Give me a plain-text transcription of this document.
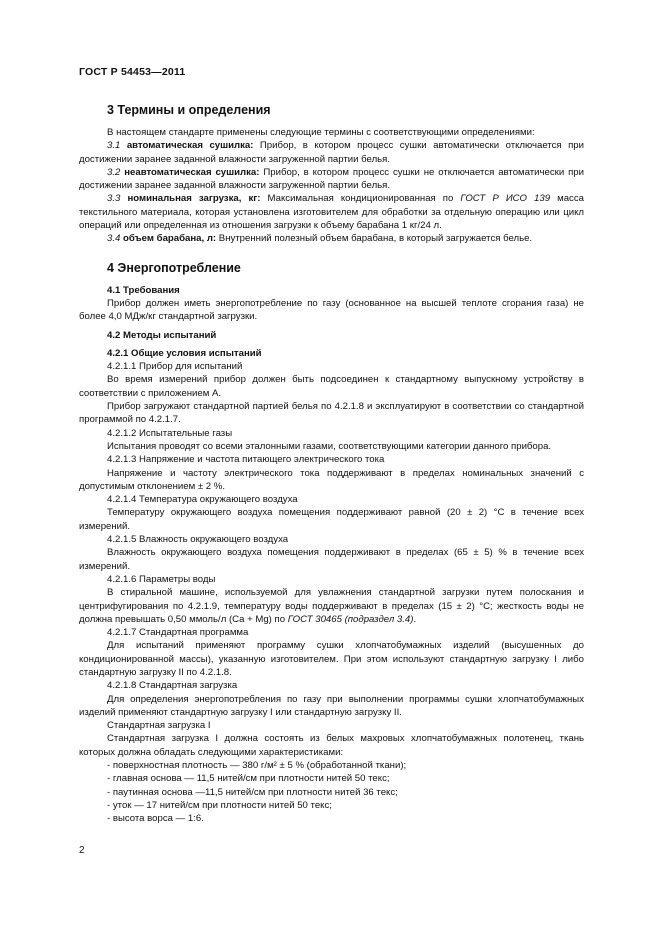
ГОСТ Р 54453—2011
3 Термины и определения

В настоящем стандарте применены следующие термины с соответствующими определениями:

3.1 автоматическая сушилка: Прибор, в котором процесс сушки автоматически отключается при достижении заранее заданной влажности загруженной партии белья.

3.2 неавтоматическая сушилка: Прибор, в котором процесс сушки не отключается автоматически при достижении заранее заданной влажности загруженной партии белья.

3.3 номинальная загрузка, кг: Максимальная кондиционированная по ГОСТ Р ИСО 139 масса текстильного материала, которая установлена изготовителем для обработки за отдельную операцию или цикл операций или определенная из отношения загрузки к объему барабана 1 кг/24 л.

3.4 объем барабана, л: Внутренний полезный объем барабана, в который загружается белье.

4 Энергопотребление
4.1 Требования

Прибор должен иметь энергопотребление по газу (основанное на высшей теплоте сгорания газа) не более 4,0 МДж/кг стандартной загрузки.

4.2 Методы испытаний
4.2.1 Общие условия испытаний
4.2.1.1 Прибор для испытаний

Во время измерений прибор должен быть подсоединен к стандартному выпускному устройству в соответствии с приложением А.

Прибор загружают стандартной партией белья по 4.2.1.8 и эксплуатируют в соответствии со стандартной программой по 4.2.1.7.

4.2.1.2 Испытательные газы

Испытания проводят со всеми эталонными газами, соответствующими категории данного прибора.

4.2.1.3 Напряжение и частота питающего электрического тока

Напряжение и частоту электрического тока поддерживают в пределах номинальных значений с допустимым отклонением ± 2 %.

4.2.1.4 Температура окружающего воздуха

Температуру окружающего воздуха помещения поддерживают равной (20 ± 2) °С в течение всех измерений.

4.2.1.5 Влажность окружающего воздуха

Влажность окружающего воздуха помещения поддерживают в пределах (65 ± 5) % в течение всех измерений.

4.2.1.6 Параметры воды

В стиральной машине, используемой для увлажнения стандартной загрузки путем полоскания и центрифугирования по 4.2.1.9, температуру воды поддерживают в пределах (15 ± 2) °С; жесткость воды не должна превышать 0,50 ммоль/л (Ca + Mg) по ГОСТ 30465 (подраздел 3.4).

4.2.1.7 Стандартная программа

Для испытаний применяют программу сушки хлопчатобумажных изделий (высушенных до кондиционированной массы), указанную изготовителем. При этом используют стандартную загрузку I либо стандартную загрузку II по 4.2.1.8.

4.2.1.8 Стандартная загрузка

Для определения энергопотребления по газу при выполнении программы сушки хлопчатобумажных изделий применяют стандартную загрузку I или стандартную загрузку II.

Стандартная загрузка I

Стандартная загрузка I должна состоять из белых махровых хлопчатобумажных полотенец, ткань которых должна обладать следующими характеристиками:

- поверхностная плотность — 380 г/м² ± 5 % (обработанной ткани);
- главная основа — 11,5 нитей/см при плотности нитей 50 текс;
- паутинная основа —11,5 нитей/см при плотности нитей 36 текс;
- уток — 17 нитей/см при плотности нитей 50 текс;
- высота ворса — 1:6.
2
